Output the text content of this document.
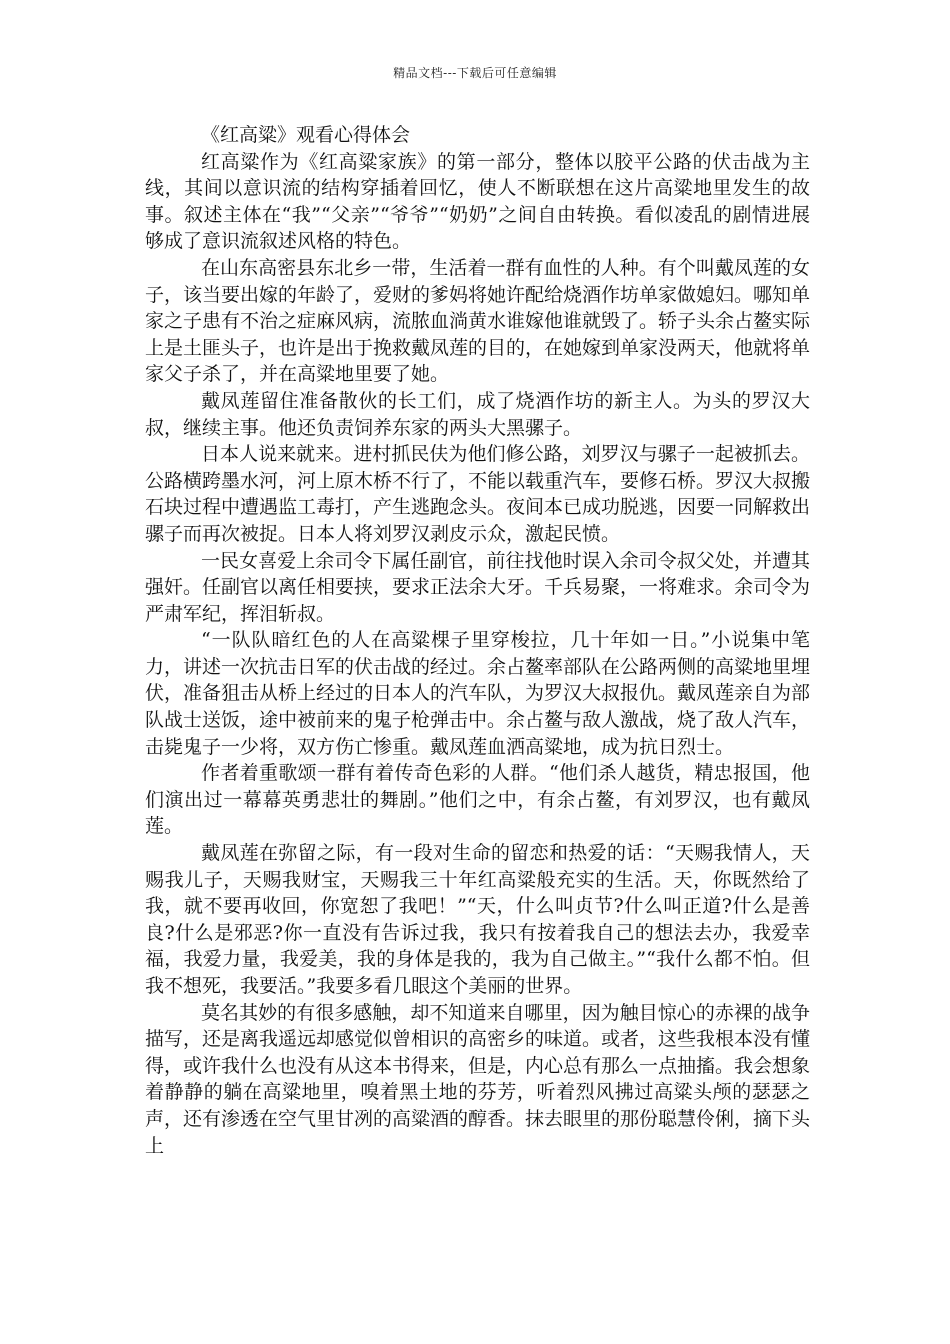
精品文档---下载后可任意编辑

《红高粱》观看心得体会

红高粱作为《红高粱家族》的第一部分，整体以胶平公路的伏击战为主线，其间以意识流的结构穿插着回忆，使人不断联想在这片高粱地里发生的故事。叙述主体在“我”“父亲”“爷爷”“奶奶”之间自由转换。看似凌乱的剧情进展够成了意识流叙述风格的特色。

在山东高密县东北乡一带，生活着一群有血性的人种。有个叫戴凤莲的女子，该当要出嫁的年龄了，爱财的爹妈将她许配给烧酒作坊单家做媳妇。哪知单家之子患有不治之症麻风病，流脓血淌黄水谁嫁他谁就毁了。轿子头余占鳌实际上是土匪头子，也许是出于挽救戴凤莲的目的，在她嫁到单家没两天，他就将单家父子杀了，并在高粱地里要了她。

戴凤莲留住准备散伙的长工们，成了烧酒作坊的新主人。为头的罗汉大叔，继续主事。他还负责饲养东家的两头大黑骡子。

日本人说来就来。进村抓民伕为他们修公路，刘罗汉与骡子一起被抓去。公路横跨墨水河，河上原木桥不行了，不能以载重汽车，要修石桥。罗汉大叔搬石块过程中遭遇监工毒打，产生逃跑念头。夜间本已成功脱逃，因要一同解救出骡子而再次被捉。日本人将刘罗汉剥皮示众，激起民愤。

一民女喜爱上余司令下属任副官，前往找他时误入余司令叔父处，并遭其强奸。任副官以离任相要挟，要求正法余大牙。千兵易聚，一将难求。余司令为严肃军纪，挥泪斩叔。

“一队队暗红色的人在高粱棵子里穿梭拉，几十年如一日。”小说集中笔力，讲述一次抗击日军的伏击战的经过。余占鳌率部队在公路两侧的高粱地里埋伏，准备狙击从桥上经过的日本人的汽车队，为罗汉大叔报仇。戴凤莲亲自为部队战士送饭，途中被前来的鬼子枪弹击中。余占鳌与敌人激战，烧了敌人汽车，击毙鬼子一少将，双方伤亡惨重。戴凤莲血洒高粱地，成为抗日烈士。

作者着重歌颂一群有着传奇色彩的人群。“他们杀人越货，精忠报国，他们演出过一幕幕英勇悲壮的舞剧。”他们之中，有余占鳌，有刘罗汉，也有戴凤莲。

戴凤莲在弥留之际，有一段对生命的留恋和热爱的话：“天赐我情人，天赐我儿子，天赐我财宝，天赐我三十年红高粱般充实的生活。天，你既然给了我，就不要再收回，你宽恕了我吧！”“天，什么叫贞节?什么叫正道?什么是善良?什么是邪恶?你一直没有告诉过我，我只有按着我自己的想法去办，我爱幸福，我爱力量，我爱美，我的身体是我的，我为自己做主。”“我什么都不怕。但我不想死，我要活。”我要多看几眼这个美丽的世界。

莫名其妙的有很多感触，却不知道来自哪里，因为触目惊心的赤裸的战争描写，还是离我遥远却感觉似曾相识的高密乡的味道。或者，这些我根本没有懂得，或许我什么也没有从这本书得来，但是，内心总有那么一点抽搐。我会想象着静静的躺在高粱地里，嗅着黑土地的芬芳，听着烈风拂过高粱头颅的瑟瑟之声，还有渗透在空气里甘冽的高粱酒的醇香。抹去眼里的那份聪慧伶俐，摘下头上
